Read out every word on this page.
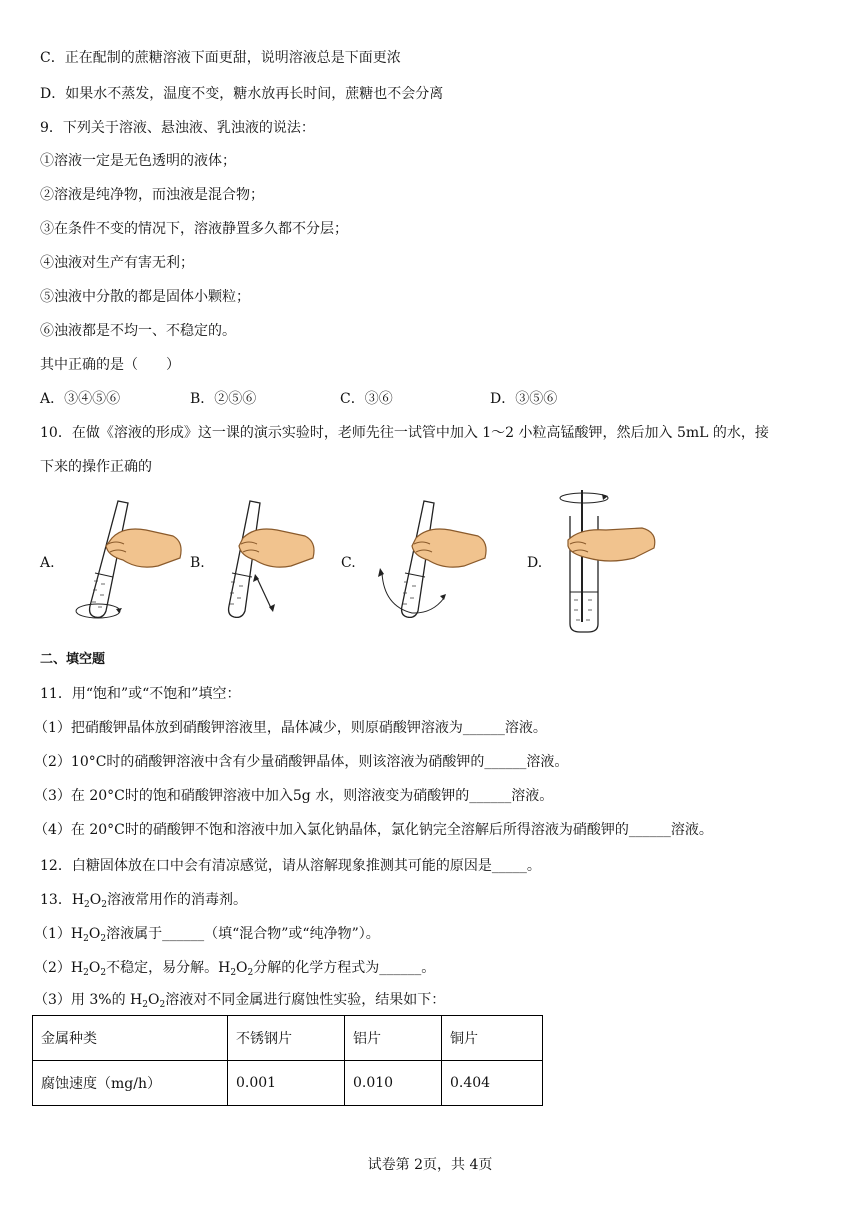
C．正在配制的蔗糖溶液下面更甜，说明溶液总是下面更浓
D．如果水不蒸发，温度不变，糖水放再长时间，蔗糖也不会分离
9．下列关于溶液、悬浊液、乳浊液的说法：
①溶液一定是无色透明的液体；
②溶液是纯净物，而浊液是混合物；
③在条件不变的情况下，溶液静置多久都不分层；
④浊液对生产有害无利；
⑤浊液中分散的都是固体小颗粒；
⑥浊液都是不均一、不稳定的。
其中正确的是（　　）
A．③④⑤⑥	B．②⑤⑥	C．③⑥	D．③⑤⑥
10．在做《溶液的形成》这一课的演示实验时，老师先往一试管中加入 1～2 小粒高锰酸钾，然后加入 5mL 的水，接
下来的操作正确的
A.	B.	C.	D.
二、填空题
11．用“饱和”或“不饱和”填空：
（1）把硝酸钾晶体放到硝酸钾溶液里，晶体减少，则原硝酸钾溶液为______溶液。
（2）10°C时的硝酸钾溶液中含有少量硝酸钾晶体，则该溶液为硝酸钾的______溶液。
（3）在 20°C时的饱和硝酸钾溶液中加入5g 水，则溶液变为硝酸钾的______溶液。
（4）在 20°C时的硝酸钾不饱和溶液中加入氯化钠晶体，氯化钠完全溶解后所得溶液为硝酸钾的______溶液。
12．白糖固体放在口中会有清凉感觉，请从溶解现象推测其可能的原因是_____。
13．$H_2O_2$溶液常用作的消毒剂。
$(1)H_2O_2$溶液属于______（填“混合物”或“纯净物”）。
$(2)H_2O_2$不稳定，易分解。$H_2O_2$分解的化学方程式为______。
（3）用 3%的 $H_2O_2$溶液对不同金属进行腐蚀性实验，结果如下：
金属种类	不锈钢片	铝片	铜片
腐蚀速度（mg/h）	0.001	0.010	0.404
试卷第 2页，共 4页
